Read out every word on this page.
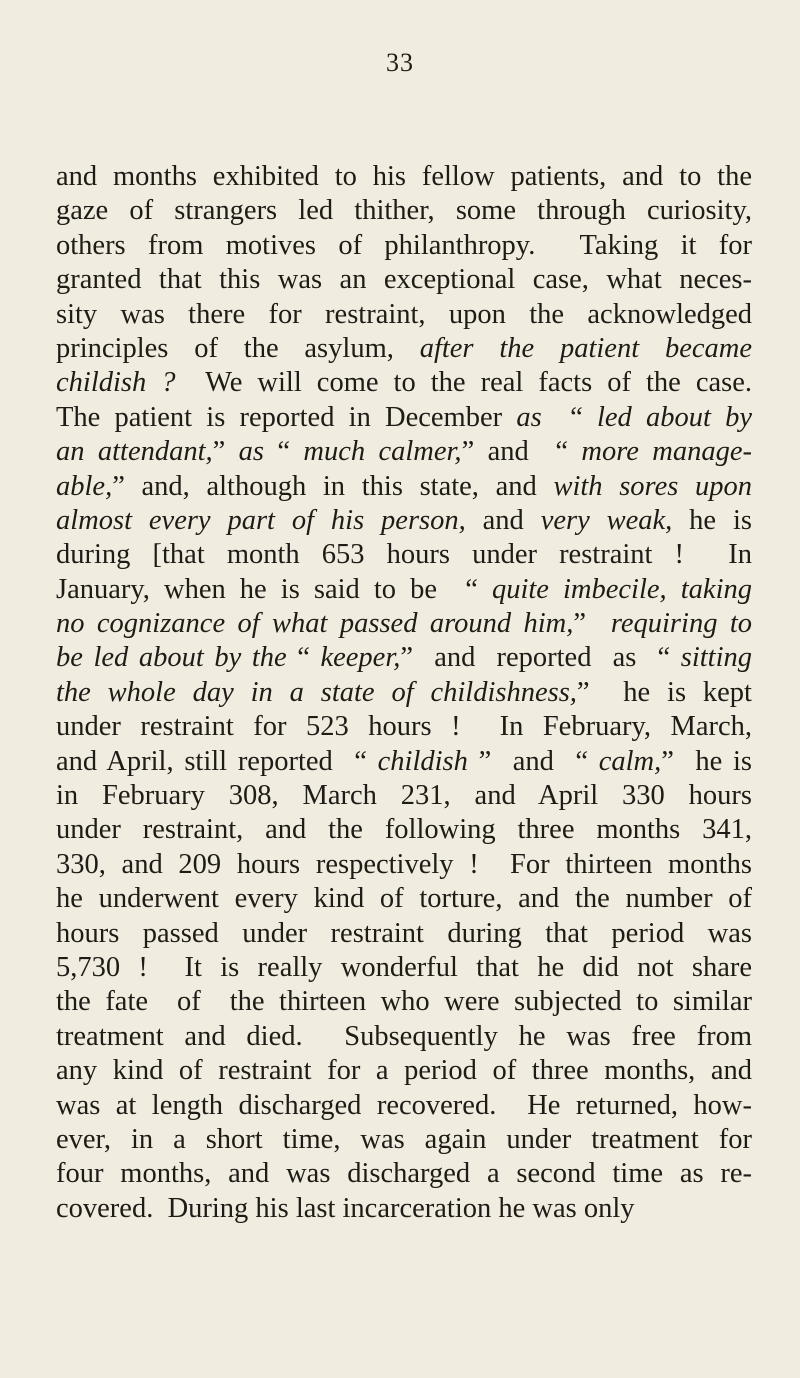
33
and months exhibited to his fellow patients, and to the
gaze of strangers led thither, some through curiosity,
others from motives of philanthropy.  Taking it for
granted that this was an exceptional case, what neces-
sity was there for restraint, upon the acknowledged
principles of the asylum, after the patient became
childish ?  We will come to the real facts of the case.
The patient is reported in December as  “ led about by
an attendant,” as “ much calmer,” and  “ more manage-
able,” and, although in this state, and with sores upon
almost every part of his person, and very weak, he is
during [that month 653 hours under restraint !  In
January, when he is said to be  “ quite imbecile, taking
no cognizance of what passed around him,”  requiring to
be led about by the “ keeper,”  and  reported  as  “ sitting
the whole day in a state of childishness,”  he is kept
under restraint for 523 hours !  In February, March,
and April, still reported  “ childish ”  and  “ calm,”  he is
in February 308, March 231, and April 330 hours
under restraint, and the following three months 341,
330, and 209 hours respectively !  For thirteen months
he underwent every kind of torture, and the number of
hours passed under restraint during that period was
5,730 !  It is really wonderful that he did not share
the fate  of  the thirteen who were subjected to similar
treatment and died.  Subsequently he was free from
any kind of restraint for a period of three months, and
was at length discharged recovered.  He returned, how-
ever, in a short time, was again under treatment for
four months, and was discharged a second time as re-
covered.  During his last incarceration he was only
